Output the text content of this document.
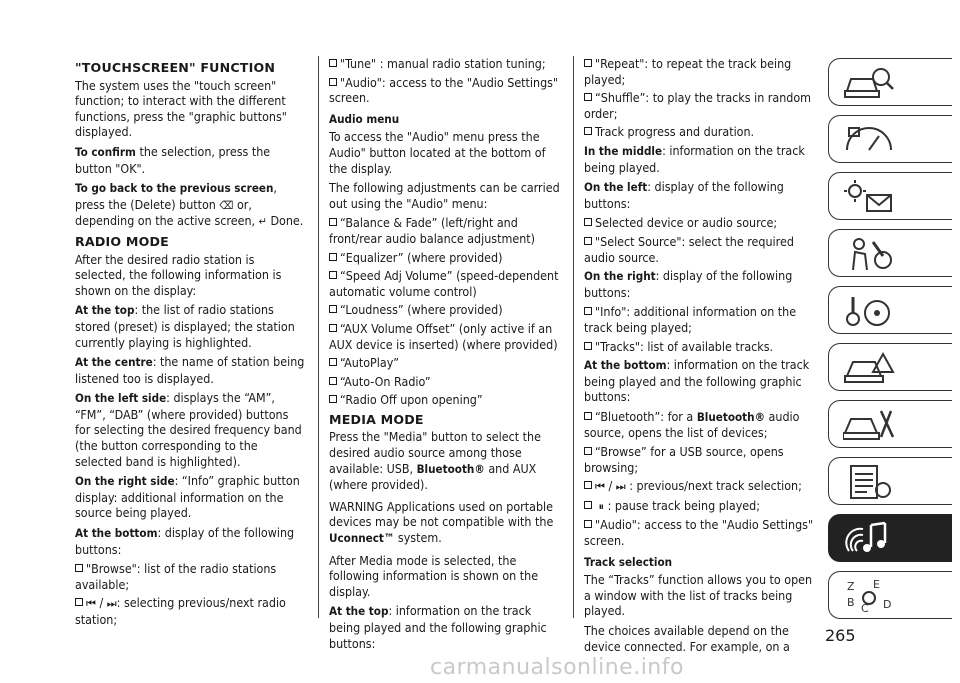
"TOUCHSCREEN" FUNCTION
The system uses the "touch screen" function; to interact with the different functions, press the "graphic buttons" displayed.
To confirm the selection, press the button "OK".
To go back to the previous screen, press the (Delete) button ⌫ or, depending on the active screen, ↵ Done.
RADIO MODE
After the desired radio station is selected, the following information is shown on the display:
At the top: the list of radio stations stored (preset) is displayed; the station currently playing is highlighted.
At the centre: the name of station being listened too is displayed.
On the left side: displays the “AM”, “FM”, “DAB” (where provided) buttons for selecting the desired frequency band (the button corresponding to the selected band is highlighted).
On the right side: “Info” graphic button display: additional information on the source being played.
At the bottom: display of the following buttons:
"Browse": list of the radio stations available;
⏮ / ⏭: selecting previous/next radio station;
"Tune" : manual radio station tuning;
"Audio": access to the "Audio Settings" screen.
Audio menu
To access the "Audio" menu press the Audio" button located at the bottom of the display.
The following adjustments can be carried out using the "Audio" menu:
“Balance & Fade” (left/right and front/rear audio balance adjustment)
“Equalizer” (where provided)
“Speed Adj Volume” (speed-dependent automatic volume control)
“Loudness” (where provided)
“AUX Volume Offset” (only active if an AUX device is inserted) (where provided)
“AutoPlay”
“Auto-On Radio”
“Radio Off upon opening”
MEDIA MODE
Press the "Media" button to select the desired audio source among those available: USB, Bluetooth® and AUX (where provided).
WARNING Applications used on portable devices may be not compatible with the Uconnect™ system.
After Media mode is selected, the following information is shown on the display.
At the top: information on the track being played and the following graphic buttons:
"Repeat": to repeat the track being played;
“Shuffle”: to play the tracks in random order;
Track progress and duration.
In the middle: information on the track being played.
On the left: display of the following buttons:
Selected device or audio source;
"Select Source": select the required audio source.
On the right: display of the following buttons:
"Info": additional information on the track being played;
"Tracks": list of available tracks.
At the bottom: information on the track being played and the following graphic buttons:
“Bluetooth”: for a Bluetooth® audio source, opens the list of devices;
“Browse” for a USB source, opens browsing;
⏮ / ⏭ : previous/next track selection;
⏸ : pause track being played;
"Audio": access to the "Audio Settings" screen.
Track selection
The “Tracks” function allows you to open a window with the list of tracks being played.
The choices available depend on the device connected. For example, on a
Z E
B C D
265
carmanualsonline.info
